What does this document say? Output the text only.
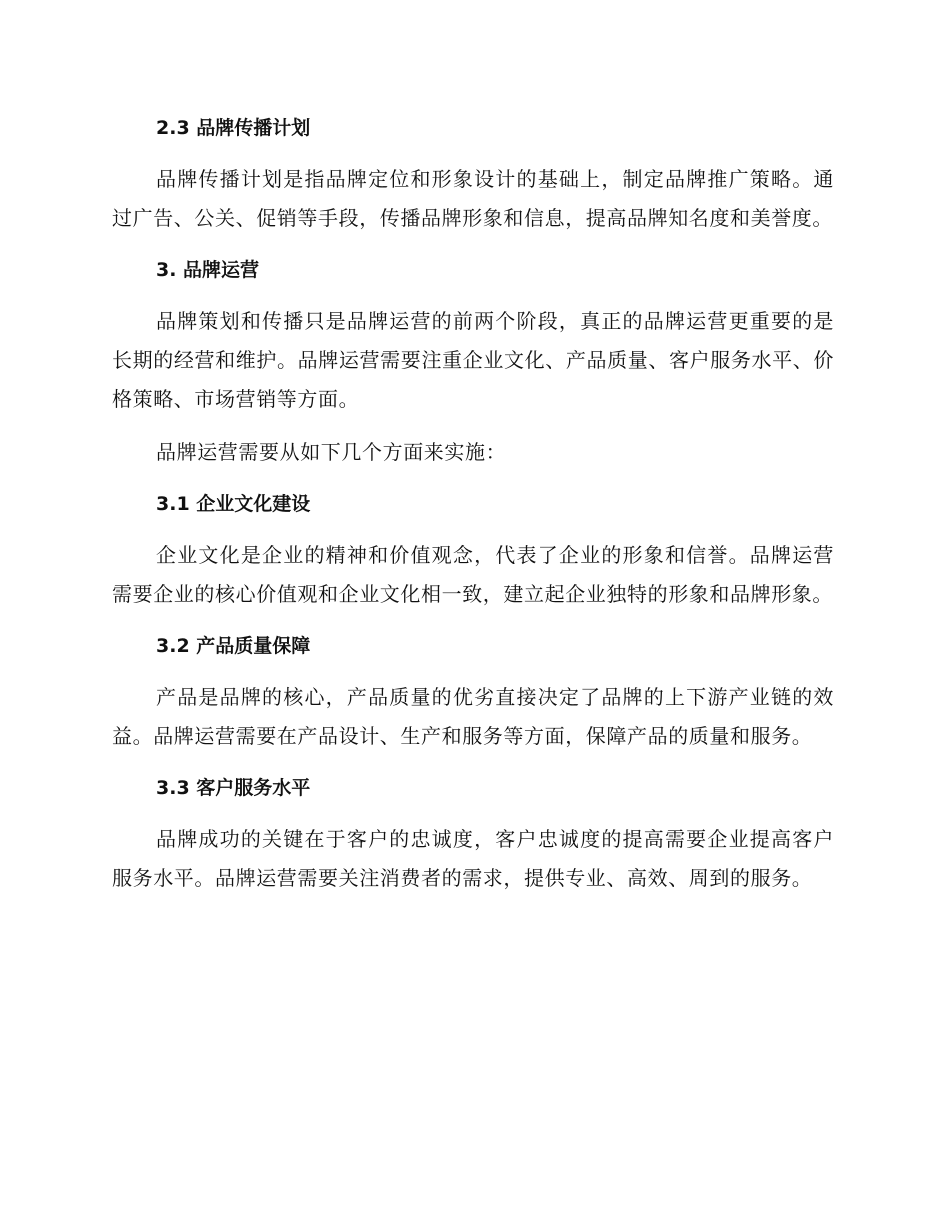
2.3 品牌传播计划

品牌传播计划是指品牌定位和形象设计的基础上，制定品牌推广策略。通过广告、公关、促销等手段，传播品牌形象和信息，提高品牌知名度和美誉度。

3. 品牌运营

品牌策划和传播只是品牌运营的前两个阶段，真正的品牌运营更重要的是长期的经营和维护。品牌运营需要注重企业文化、产品质量、客户服务水平、价格策略、市场营销等方面。

品牌运营需要从如下几个方面来实施：

3.1 企业文化建设

企业文化是企业的精神和价值观念，代表了企业的形象和信誉。品牌运营需要企业的核心价值观和企业文化相一致，建立起企业独特的形象和品牌形象。

3.2 产品质量保障

产品是品牌的核心，产品质量的优劣直接决定了品牌的上下游产业链的效益。品牌运营需要在产品设计、生产和服务等方面，保障产品的质量和服务。

3.3 客户服务水平

品牌成功的关键在于客户的忠诚度，客户忠诚度的提高需要企业提高客户服务水平。品牌运营需要关注消费者的需求，提供专业、高效、周到的服务。
